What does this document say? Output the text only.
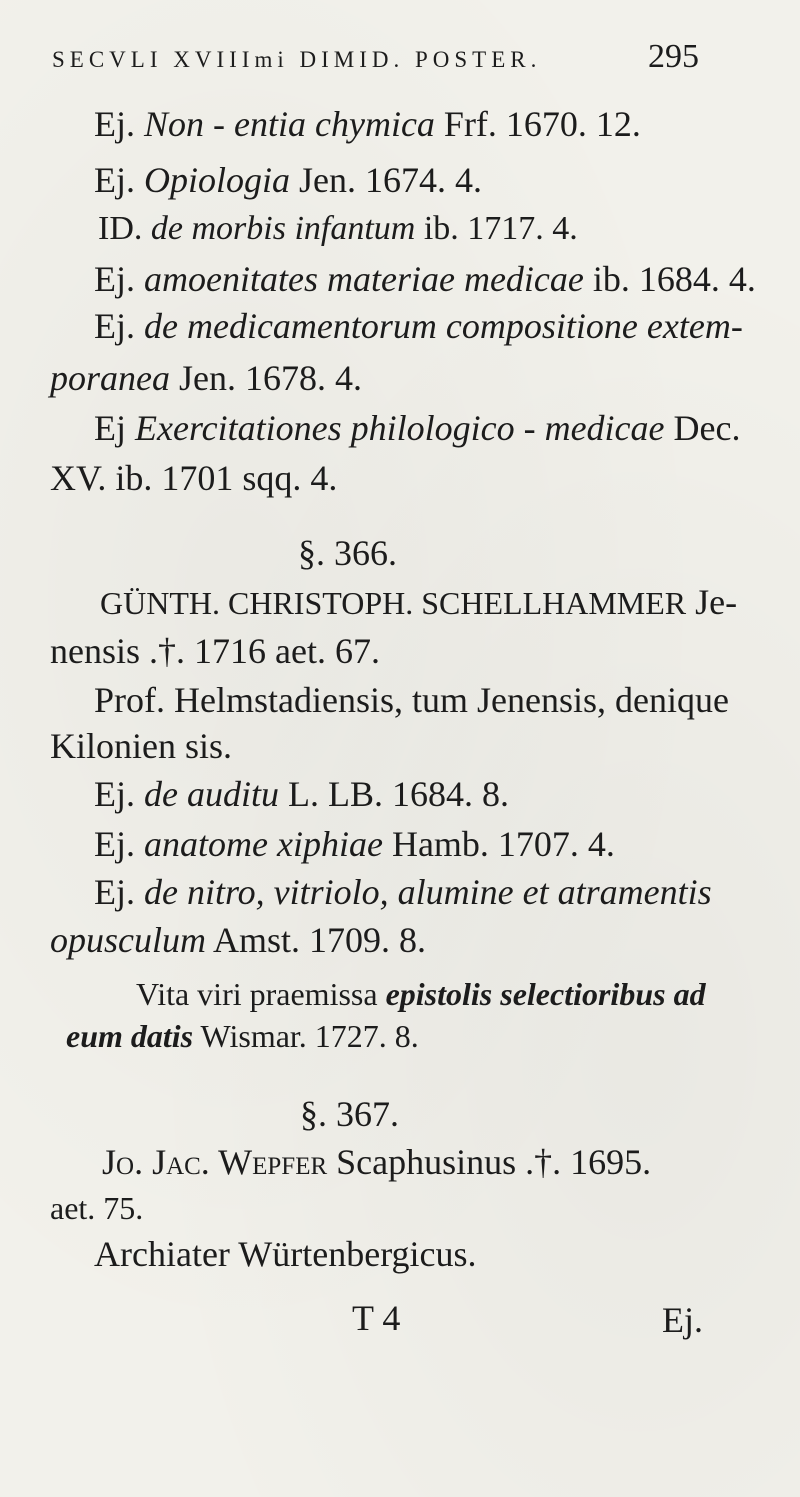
SECVLI XVIIImi DIMID. POSTER.	295
Ej. Non - entia chymica Frf. 1670. 12.
Ej. Opiologia Jen. 1674. 4.
ID. de morbis infantum ib. 1717. 4.
Ej. amoenitates materiae medicae ib. 1684. 4.
Ej. de medicamentorum compositione extem-
poranea Jen. 1678. 4.
Ej Exercitationes philologico - medicae Dec.
XV. ib. 1701 sqq. 4.
§. 366.
GÜNTH. CHRISTOPH. SCHELLHAMMER Je-
nensis .†. 1716 aet. 67.
Prof. Helmstadiensis, tum Jenensis, denique
Kilonien sis.
Ej. de auditu L. LB. 1684. 8.
Ej. anatome xiphiae Hamb. 1707. 4.
Ej. de nitro, vitriolo, alumine et atramentis
opusculum Amst. 1709. 8.
Vita viri praemissa epistolis selectioribus ad
eum datis Wismar. 1727. 8.
§. 367.
Jo. Jac. Wepfer Scaphusinus .†. 1695.
aet. 75.
Archiater Würtenbergicus.
T 4	Ej.
